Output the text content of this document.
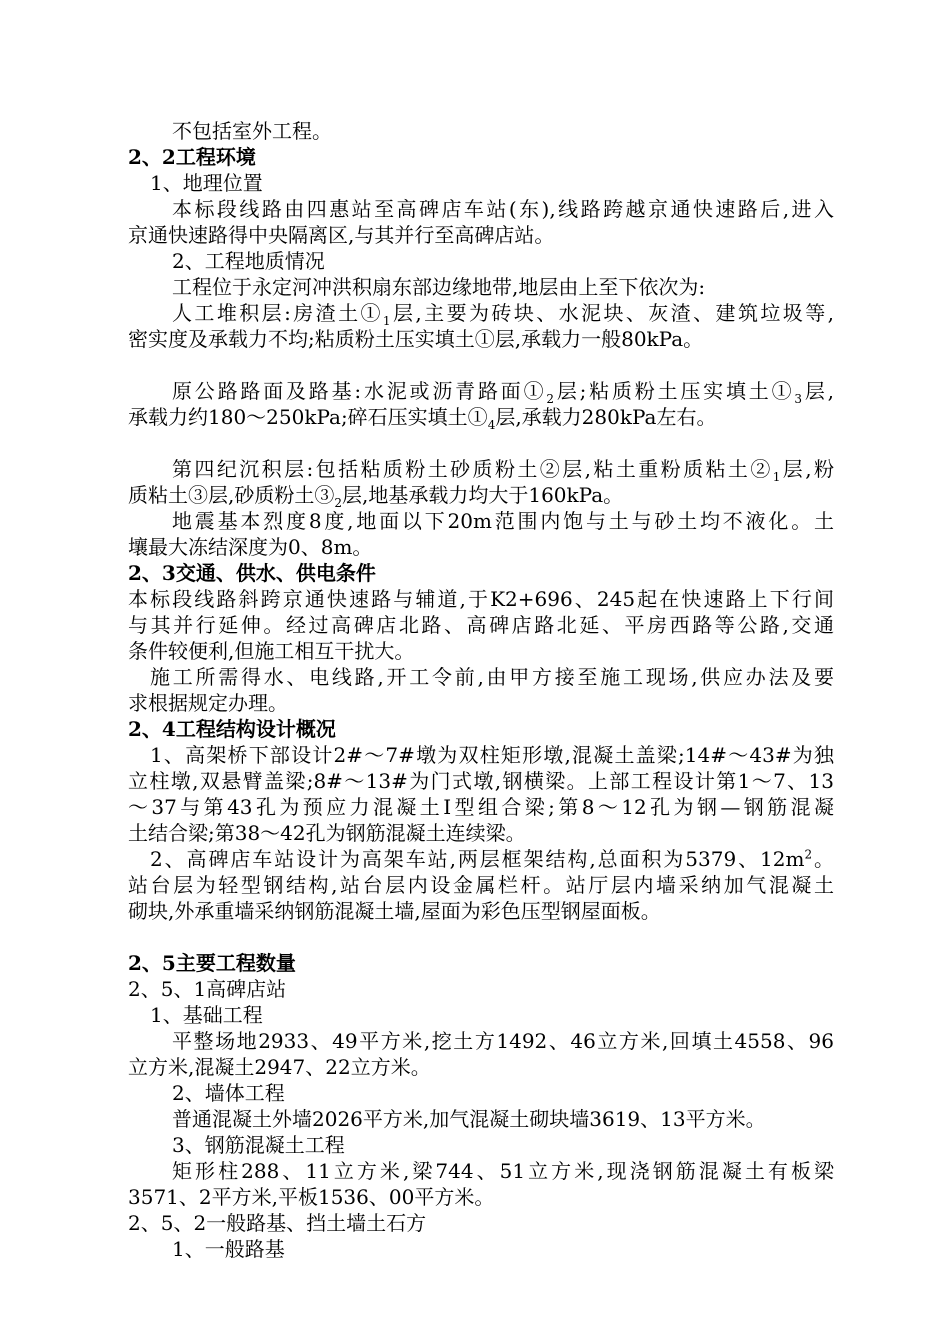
不包括室外工程。
2、2工程环境
1、地理位置
本标段线路由四惠站至高碑店车站(东),线路跨越京通快速路后,进入
京通快速路得中央隔离区,与其并行至高碑店站。
2、工程地质情况
工程位于永定河冲洪积扇东部边缘地带,地层由上至下依次为:
人工堆积层:房渣土$①_1$层,主要为砖块、水泥块、灰渣、建筑垃圾等,
密实度及承载力不均;粘质粉土压实填土①层,承载力一般80kPa。
原公路路面及路基:水泥或沥青路面$①_2$层;粘质粉土压实填土$①_3$层,
承载力约180～250kPa;碎石压实填土$①_4$层,承载力280kPa左右。
第四纪沉积层:包括粘质粉土砂质粉土②层,粘土重粉质粘土$②_1$层,粉
质粘土③层,砂质粉土$③_2$层,地基承载力均大于160kPa。
地震基本烈度8度,地面以下20m范围内饱与土与砂土均不液化。土
壤最大冻结深度为0、8m。
2、3交通、供水、供电条件
本标段线路斜跨京通快速路与辅道,于K2+696、245起在快速路上下行间
与其并行延伸。经过高碑店北路、高碑店路北延、平房西路等公路,交通
条件较便利,但施工相互干扰大。
施工所需得水、电线路,开工令前,由甲方接至施工现场,供应办法及要
求根据规定办理。
2、4工程结构设计概况
1、高架桥下部设计2#～7#墩为双柱矩形墩,混凝土盖梁;14#～43#为独
立柱墩,双悬臂盖梁;8#～13#为门式墩,钢横梁。上部工程设计第1～7、13
～37与第43孔为预应力混凝土Ⅰ型组合梁;第8～12孔为钢—钢筋混凝
土结合梁;第38～42孔为钢筋混凝土连续梁。
2、高碑店车站设计为高架车站,两层框架结构,总面积为5379、$12m^2$。
站台层为轻型钢结构,站台层内设金属栏杆。站厅层内墙采纳加气混凝土
砌块,外承重墙采纳钢筋混凝土墙,屋面为彩色压型钢屋面板。
2、5主要工程数量
2、5、1高碑店站
1、基础工程
平整场地2933、49平方米,挖土方1492、46立方米,回填土4558、96
立方米,混凝土2947、22立方米。
2、墙体工程
普通混凝土外墙2026平方米,加气混凝土砌块墙3619、13平方米。
3、钢筋混凝土工程
矩形柱288、11立方米,梁744、51立方米,现浇钢筋混凝土有板梁
3571、2平方米,平板1536、00平方米。
2、5、2一般路基、挡土墙土石方
1、一般路基
